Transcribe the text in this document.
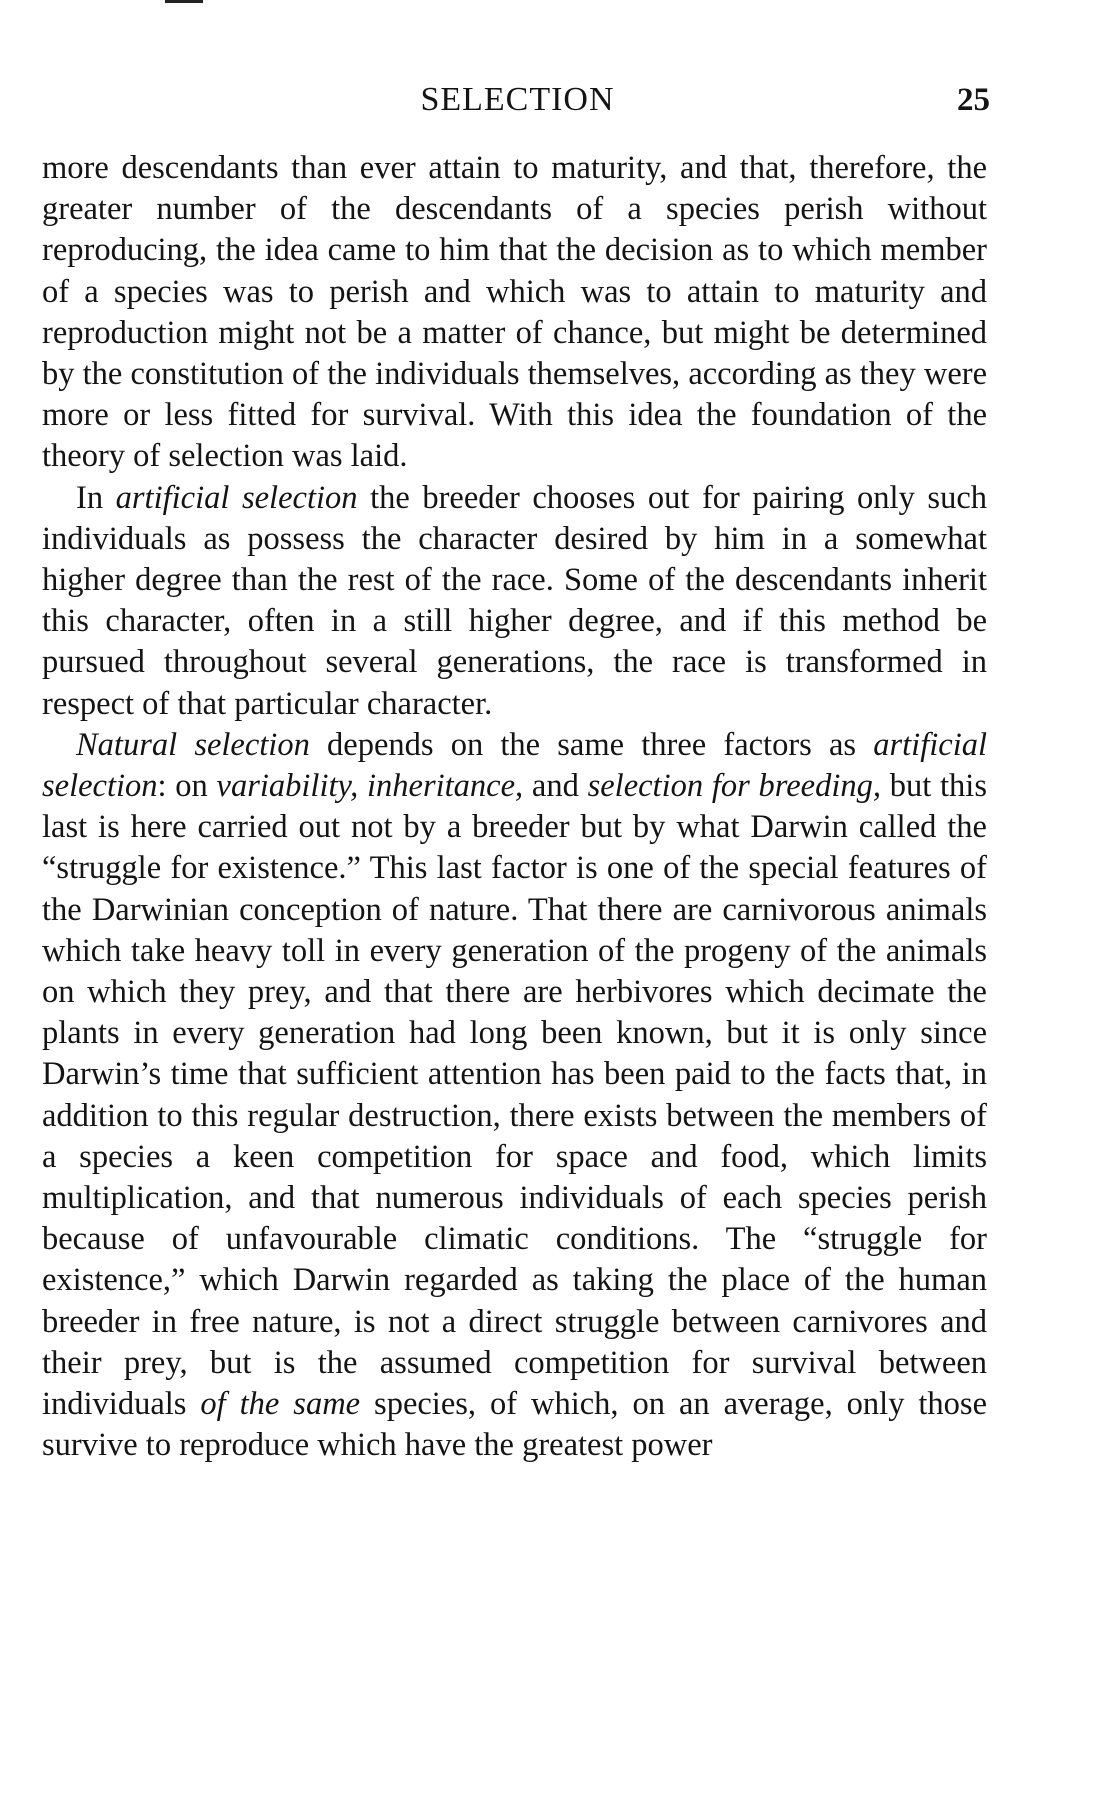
SELECTION	25

more descendants than ever attain to maturity, and that, therefore, the greater number of the descendants of a species perish without reproducing, the idea came to him that the decision as to which member of a species was to perish and which was to attain to maturity and reproduction might not be a matter of chance, but might be determined by the constitution of the individuals themselves, according as they were more or less fitted for survival. With this idea the foundation of the theory of selection was laid.

In artificial selection the breeder chooses out for pairing only such individuals as possess the character desired by him in a somewhat higher degree than the rest of the race. Some of the descendants inherit this character, often in a still higher degree, and if this method be pursued throughout several generations, the race is transformed in respect of that particular character.

Natural selection depends on the same three factors as artificial selection: on variability, inheritance, and selection for breeding, but this last is here carried out not by a breeder but by what Darwin called the “struggle for existence.” This last factor is one of the special features of the Darwinian conception of nature. That there are carnivorous animals which take heavy toll in every generation of the progeny of the animals on which they prey, and that there are herbivores which decimate the plants in every generation had long been known, but it is only since Darwin’s time that sufficient attention has been paid to the facts that, in addition to this regular destruction, there exists between the members of a species a keen competition for space and food, which limits multiplication, and that numerous individuals of each species perish because of unfavourable climatic conditions. The “struggle for existence,” which Darwin regarded as taking the place of the human breeder in free nature, is not a direct struggle between carnivores and their prey, but is the assumed competition for survival between individuals of the same species, of which, on an average, only those survive to reproduce which have the greatest power
